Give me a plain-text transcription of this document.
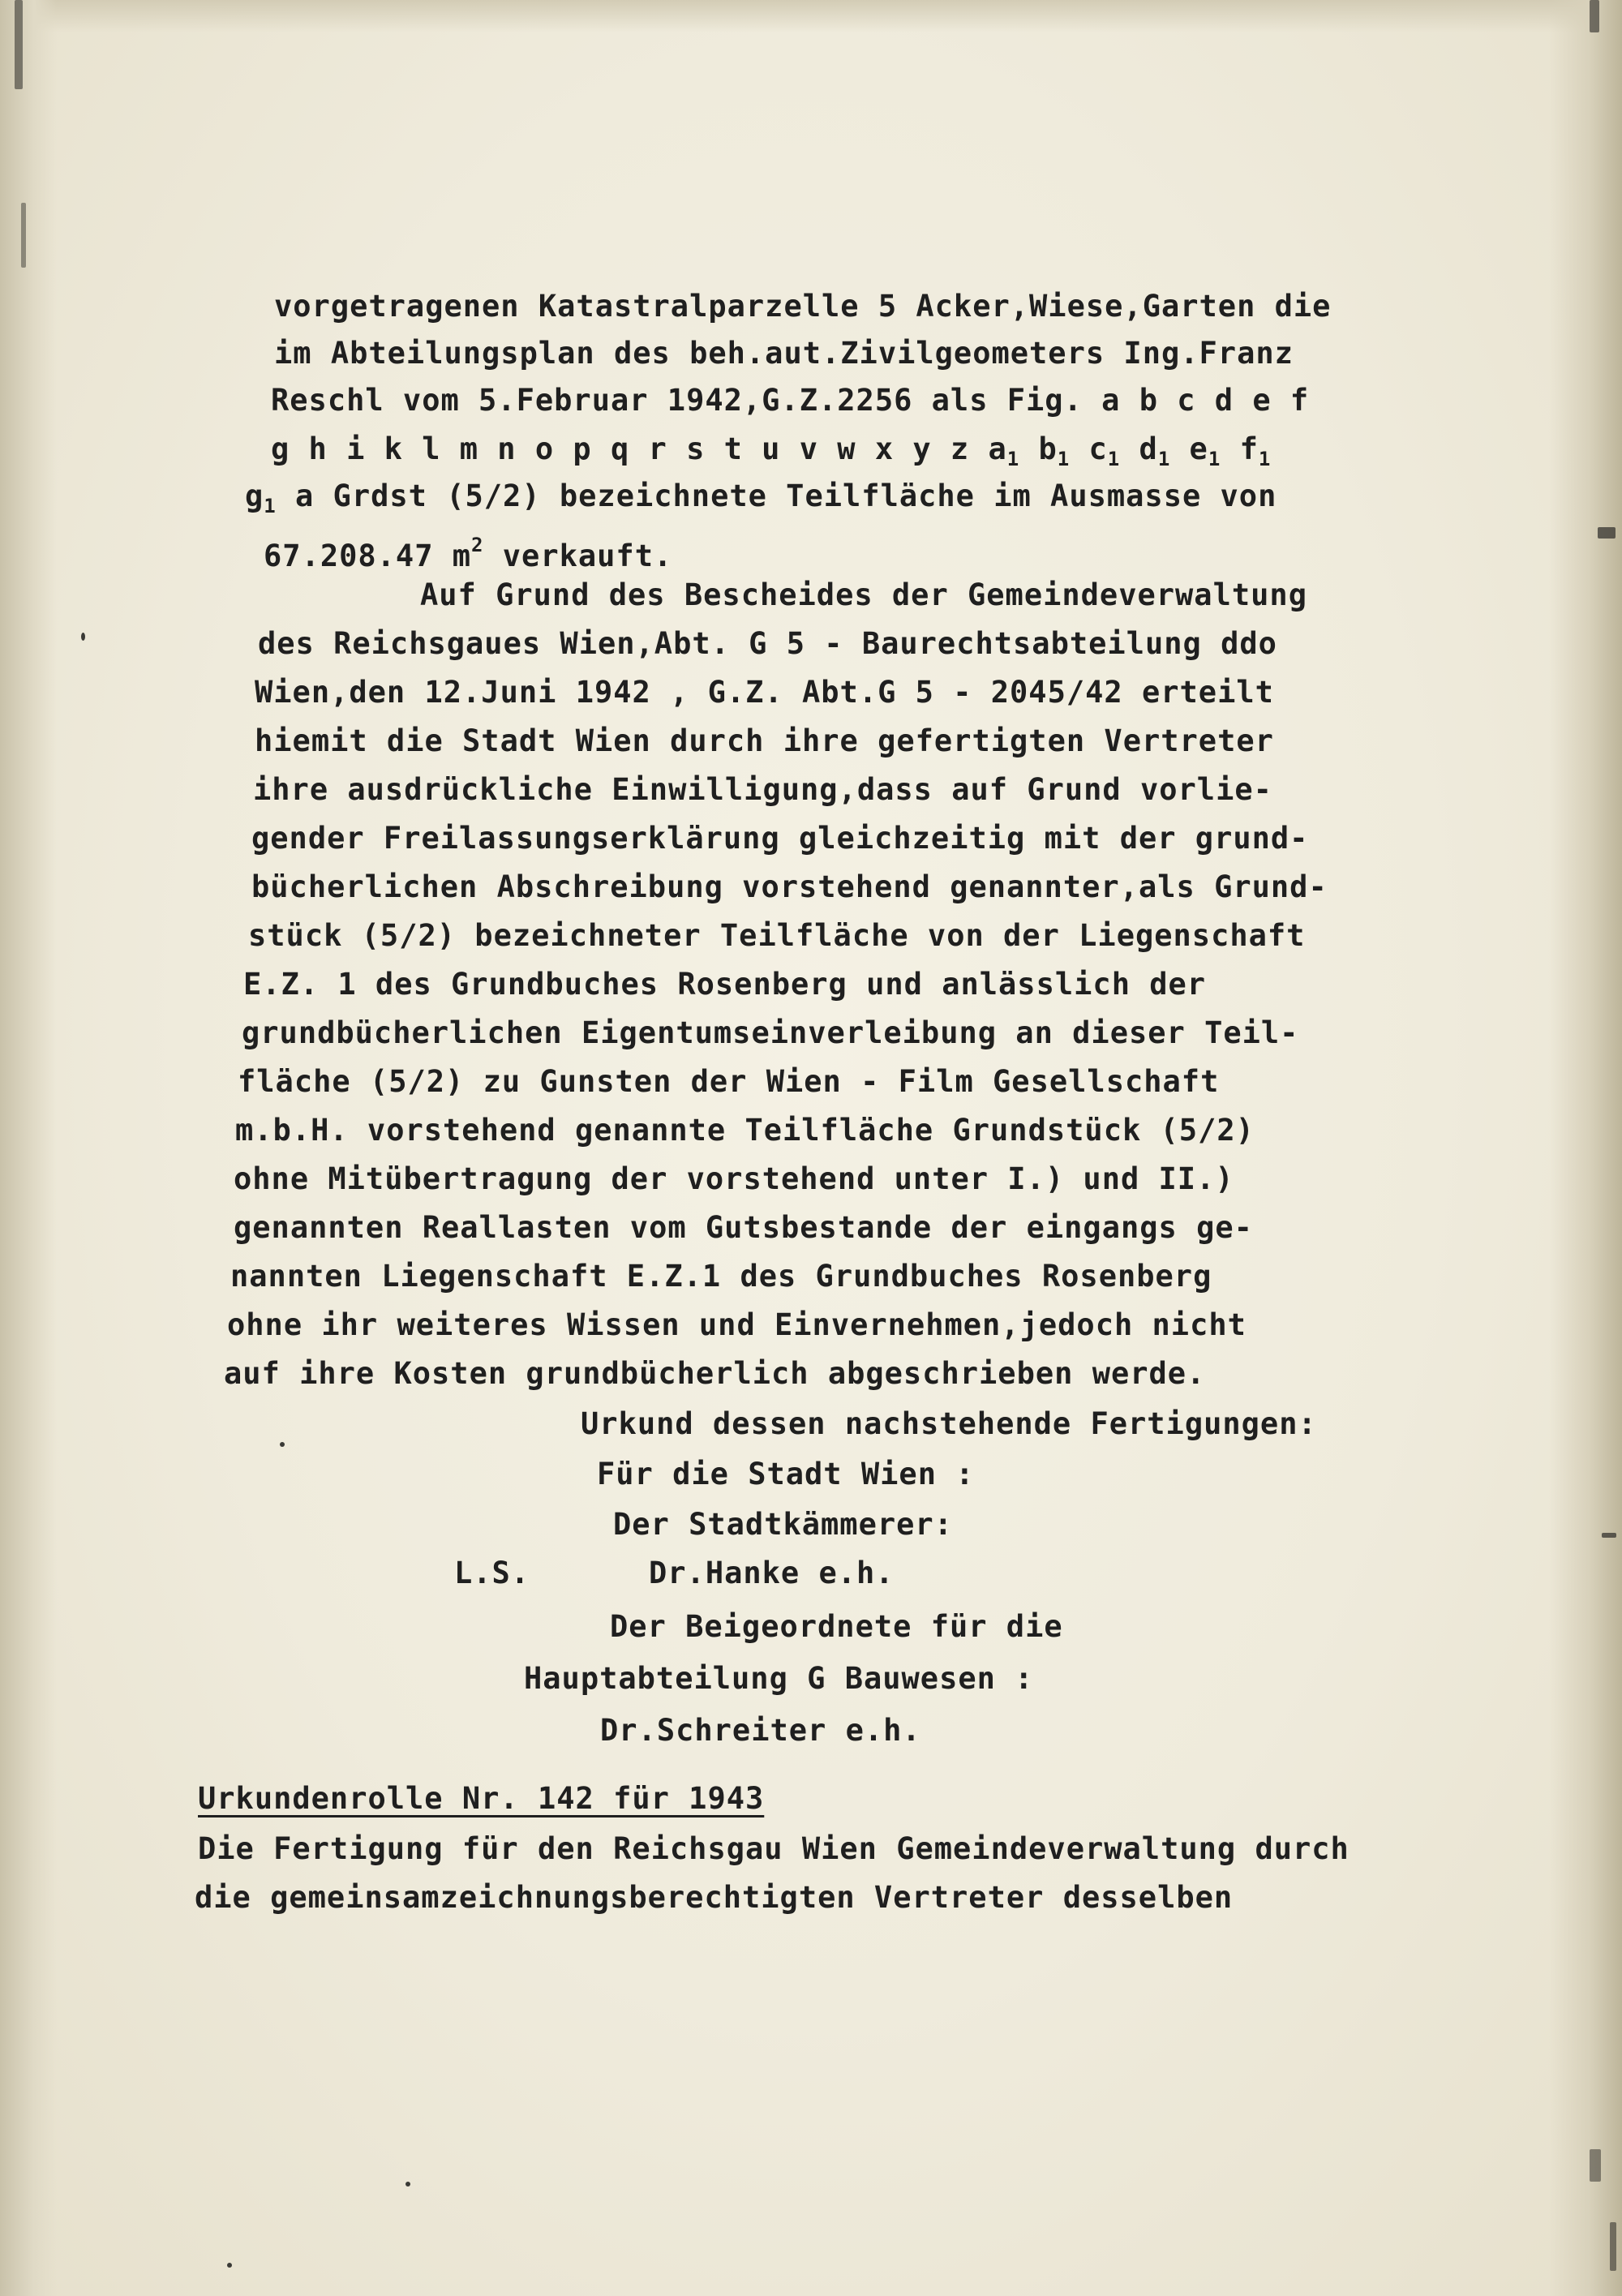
vorgetragenen Katastralparzelle 5 Acker,Wiese,Garten die
im Abteilungsplan des beh.aut.Zivilgeometers Ing.Franz
Reschl vom 5.Februar 1942,G.Z.2256 als Fig. a b c d e f
g h i k l m n o p q r s t u v w x y z $a_1$ $b_1$ $c_1$ $d_1$ $e_1$ $f_1$
$g_1$ a Grdst (5/2) bezeichnete Teilfläche im Ausmasse von
67.208.47 $m^2$ verkauft.
Auf Grund des Bescheides der Gemeindeverwaltung
des Reichsgaues Wien,Abt. G 5 - Baurechtsabteilung ddo
Wien,den 12.Juni 1942 , G.Z. Abt.G 5 - 2045/42 erteilt
hiemit die Stadt Wien durch ihre gefertigten Vertreter
ihre ausdrückliche Einwilligung,dass auf Grund vorlie-
gender Freilassungserklärung gleichzeitig mit der grund-
bücherlichen Abschreibung vorstehend genannter,als Grund-
stück (5/2) bezeichneter Teilfläche von der Liegenschaft
E.Z. 1 des Grundbuches Rosenberg und anlässlich der
grundbücherlichen Eigentumseinverleibung an dieser Teil-
fläche (5/2) zu Gunsten der Wien - Film Gesellschaft
m.b.H. vorstehend genannte Teilfläche Grundstück (5/2)
ohne Mitübertragung der vorstehend unter I.) und II.)
genannten Reallasten vom Gutsbestande der eingangs ge-
nannten Liegenschaft E.Z.1 des Grundbuches Rosenberg
ohne ihr weiteres Wissen und Einvernehmen,jedoch nicht
auf ihre Kosten grundbücherlich abgeschrieben werde.
Urkund dessen nachstehende Fertigungen:
Für die Stadt Wien :
Der Stadtkämmerer:
L.S.	Dr.Hanke e.h.
Der Beigeordnete für die
Hauptabteilung G Bauwesen :
Dr.Schreiter e.h.
Urkundenrolle Nr. 142 für 1943
Die Fertigung für den Reichsgau Wien Gemeindeverwaltung durch
die gemeinsamzeichnungsberechtigten Vertreter desselben
